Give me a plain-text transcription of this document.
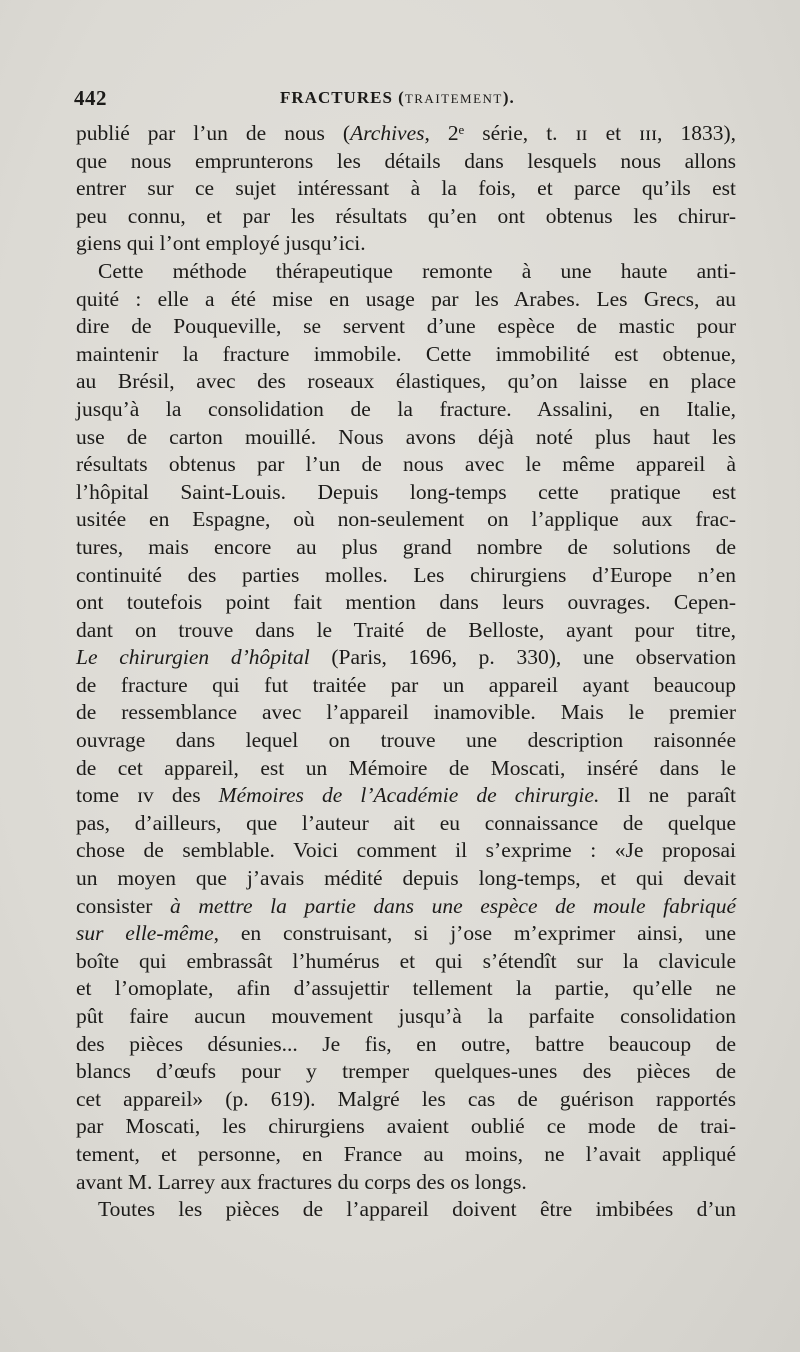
442	FRACTURES (TRAITEMENT).
publié par l’un de nous (Archives, 2ᵉ série, t. ɪɪ et ɪɪɪ, 1833),
que nous emprunterons les détails dans lesquels nous allons
entrer sur ce sujet intéressant à la fois, et parce qu’ils est
peu connu, et par les résultats qu’en ont obtenus les chirur-
giens qui l’ont employé jusqu’ici.
Cette méthode thérapeutique remonte à une haute anti-
quité : elle a été mise en usage par les Arabes. Les Grecs, au
dire de Pouqueville, se servent d’une espèce de mastic pour
maintenir la fracture immobile. Cette immobilité est obtenue,
au Brésil, avec des roseaux élastiques, qu’on laisse en place
jusqu’à la consolidation de la fracture. Assalini, en Italie,
use de carton mouillé. Nous avons déjà noté plus haut les
résultats obtenus par l’un de nous avec le même appareil à
l’hôpital Saint-Louis. Depuis long-temps cette pratique est
usitée en Espagne, où non-seulement on l’applique aux frac-
tures, mais encore au plus grand nombre de solutions de
continuité des parties molles. Les chirurgiens d’Europe n’en
ont toutefois point fait mention dans leurs ouvrages. Cepen-
dant on trouve dans le Traité de Belloste, ayant pour titre,
Le chirurgien d’hôpital (Paris, 1696, p. 330), une observation
de fracture qui fut traitée par un appareil ayant beaucoup
de ressemblance avec l’appareil inamovible. Mais le premier
ouvrage dans lequel on trouve une description raisonnée
de cet appareil, est un Mémoire de Moscati, inséré dans le
tome ɪᴠ des Mémoires de l’Académie de chirurgie. Il ne paraît
pas, d’ailleurs, que l’auteur ait eu connaissance de quelque
chose de semblable. Voici comment il s’exprime : «Je proposai
un moyen que j’avais médité depuis long-temps, et qui devait
consister à mettre la partie dans une espèce de moule fabriqué
sur elle-même, en construisant, si j’ose m’exprimer ainsi, une
boîte qui embrassât l’humérus et qui s’étendît sur la clavicule
et l’omoplate, afin d’assujettir tellement la partie, qu’elle ne
pût faire aucun mouvement jusqu’à la parfaite consolidation
des pièces désunies... Je fis, en outre, battre beaucoup de
blancs d’œufs pour y tremper quelques-unes des pièces de
cet appareil» (p. 619). Malgré les cas de guérison rapportés
par Moscati, les chirurgiens avaient oublié ce mode de trai-
tement, et personne, en France au moins, ne l’avait appliqué
avant M. Larrey aux fractures du corps des os longs.
Toutes les pièces de l’appareil doivent être imbibées d’un
